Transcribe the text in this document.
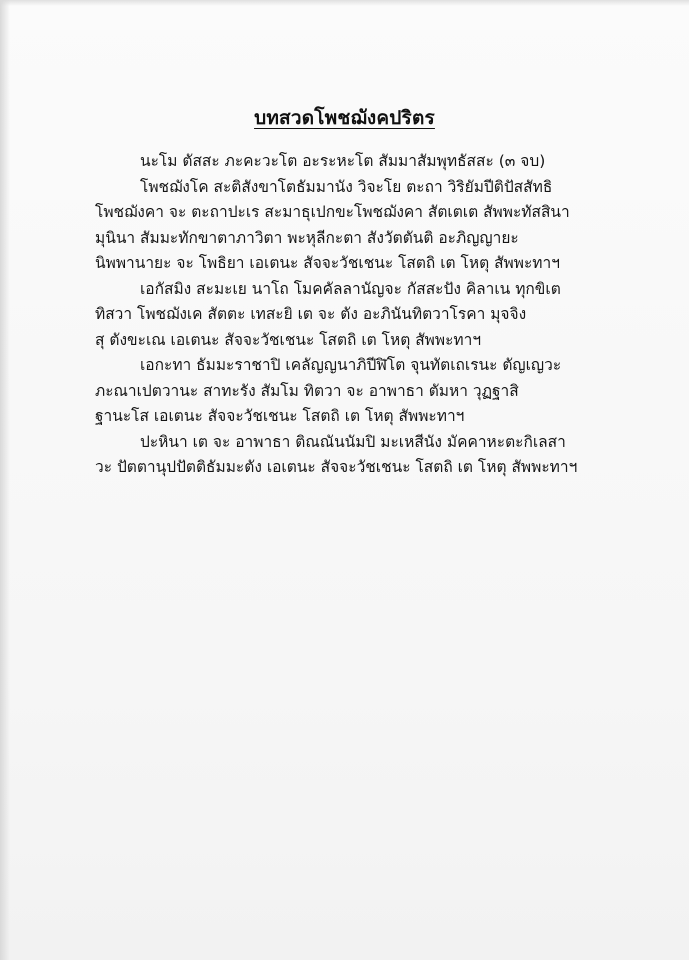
บทสวดโพชฌังคปริตร
นะโม ตัสสะ ภะคะวะโต อะระหะโต สัมมาสัมพุทธัสสะ (๓ จบ)
โพชฌังโค สะติสังขาโตธัมมานัง วิจะโย ตะถา วิริยัมปีติปัสสัทธิ
โพชฌังคา จะ ตะถาปะเร สะมาธุเปกขะโพชฌังคา สัตเตเต สัพพะทัสสินา
มุนินา สัมมะทักขาตาภาวิตา พะหุลีกะตา สังวัตตันติ อะภิญญายะ
นิพพานายะ จะ โพธิยา เอเตนะ สัจจะวัชเชนะ โสตถิ เต โหตุ สัพพะทาฯ
เอกัสมิง สะมะเย นาโถ โมคคัลลานัญจะ กัสสะปัง คิลาเน ทุกขิเต
ทิสวา โพชฌังเค สัตตะ เทสะยิ เต จะ ตัง อะภินันทิตวาโรคา มุจจิง
สุ ตังขะเณ เอเตนะ สัจจะวัชเชนะ โสตถิ เต โหตุ สัพพะทาฯ
เอกะทา ธัมมะราชาปิ เคลัญญนาภิปีฬิโต จุนทัตเถเรนะ ตัญเญวะ
ภะณาเปตวานะ สาทะรัง สัมโม ทิตวา จะ อาพาธา ตัมหา วุฏฐาสิ
ฐานะโส เอเตนะ สัจจะวัชเชนะ โสตถิ เต โหตุ สัพพะทาฯ
ปะหินา เต จะ อาพาธา ติณณันนัมปิ มะเหสีนัง มัคคาหะตะกิเลสา
วะ ปัตตานุปปัตติธัมมะตัง เอเตนะ สัจจะวัชเชนะ โสตถิ เต โหตุ สัพพะทาฯ
